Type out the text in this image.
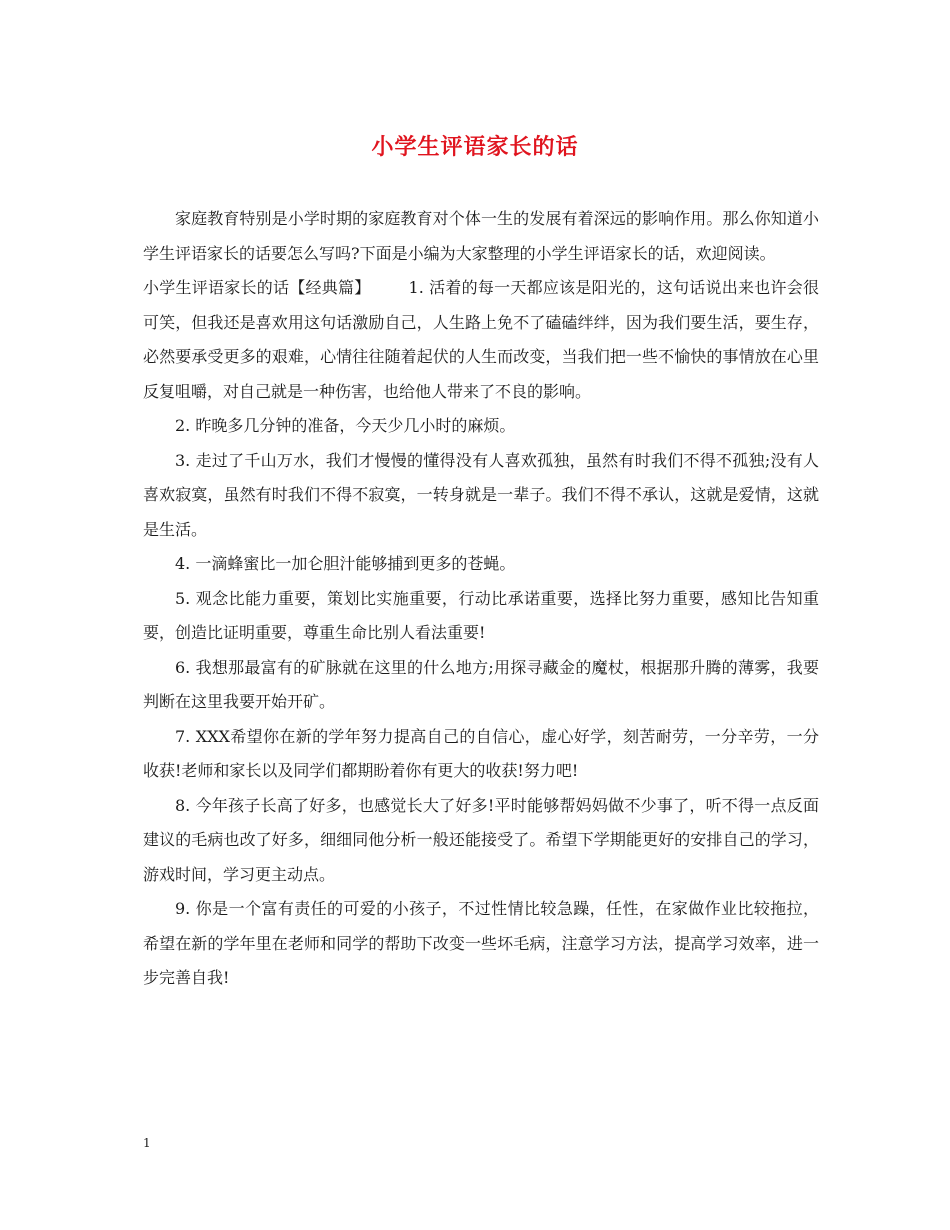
小学生评语家长的话

家庭教育特别是小学时期的家庭教育对个体一生的发展有着深远的影响作用。那么你知道小学生评语家长的话要怎么写吗?下面是小编为大家整理的小学生评语家长的话，欢迎阅读。

小学生评语家长的话【经典篇】 1. 活着的每一天都应该是阳光的，这句话说出来也许会很可笑，但我还是喜欢用这句话激励自己，人生路上免不了磕磕绊绊，因为我们要生活，要生存，必然要承受更多的艰难，心情往往随着起伏的人生而改变，当我们把一些不愉快的事情放在心里反复咀嚼，对自己就是一种伤害，也给他人带来了不良的影响。

2. 昨晚多几分钟的准备，今天少几小时的麻烦。

3. 走过了千山万水，我们才慢慢的懂得没有人喜欢孤独，虽然有时我们不得不孤独;没有人喜欢寂寞，虽然有时我们不得不寂寞，一转身就是一辈子。我们不得不承认，这就是爱情，这就是生活。

4. 一滴蜂蜜比一加仑胆汁能够捕到更多的苍蝇。

5. 观念比能力重要，策划比实施重要，行动比承诺重要，选择比努力重要，感知比告知重要，创造比证明重要，尊重生命比别人看法重要!

6. 我想那最富有的矿脉就在这里的什么地方;用探寻藏金的魔杖，根据那升腾的薄雾，我要判断在这里我要开始开矿。

7. XXX希望你在新的学年努力提高自己的自信心，虚心好学，刻苦耐劳，一分辛劳，一分收获!老师和家长以及同学们都期盼着你有更大的收获!努力吧!

8. 今年孩子长高了好多，也感觉长大了好多!平时能够帮妈妈做不少事了，听不得一点反面建议的毛病也改了好多，细细同他分析一般还能接受了。希望下学期能更好的安排自己的学习，游戏时间，学习更主动点。

9. 你是一个富有责任的可爱的小孩子，不过性情比较急躁，任性，在家做作业比较拖拉，希望在新的学年里在老师和同学的帮助下改变一些坏毛病，注意学习方法，提高学习效率，进一步完善自我!

1
